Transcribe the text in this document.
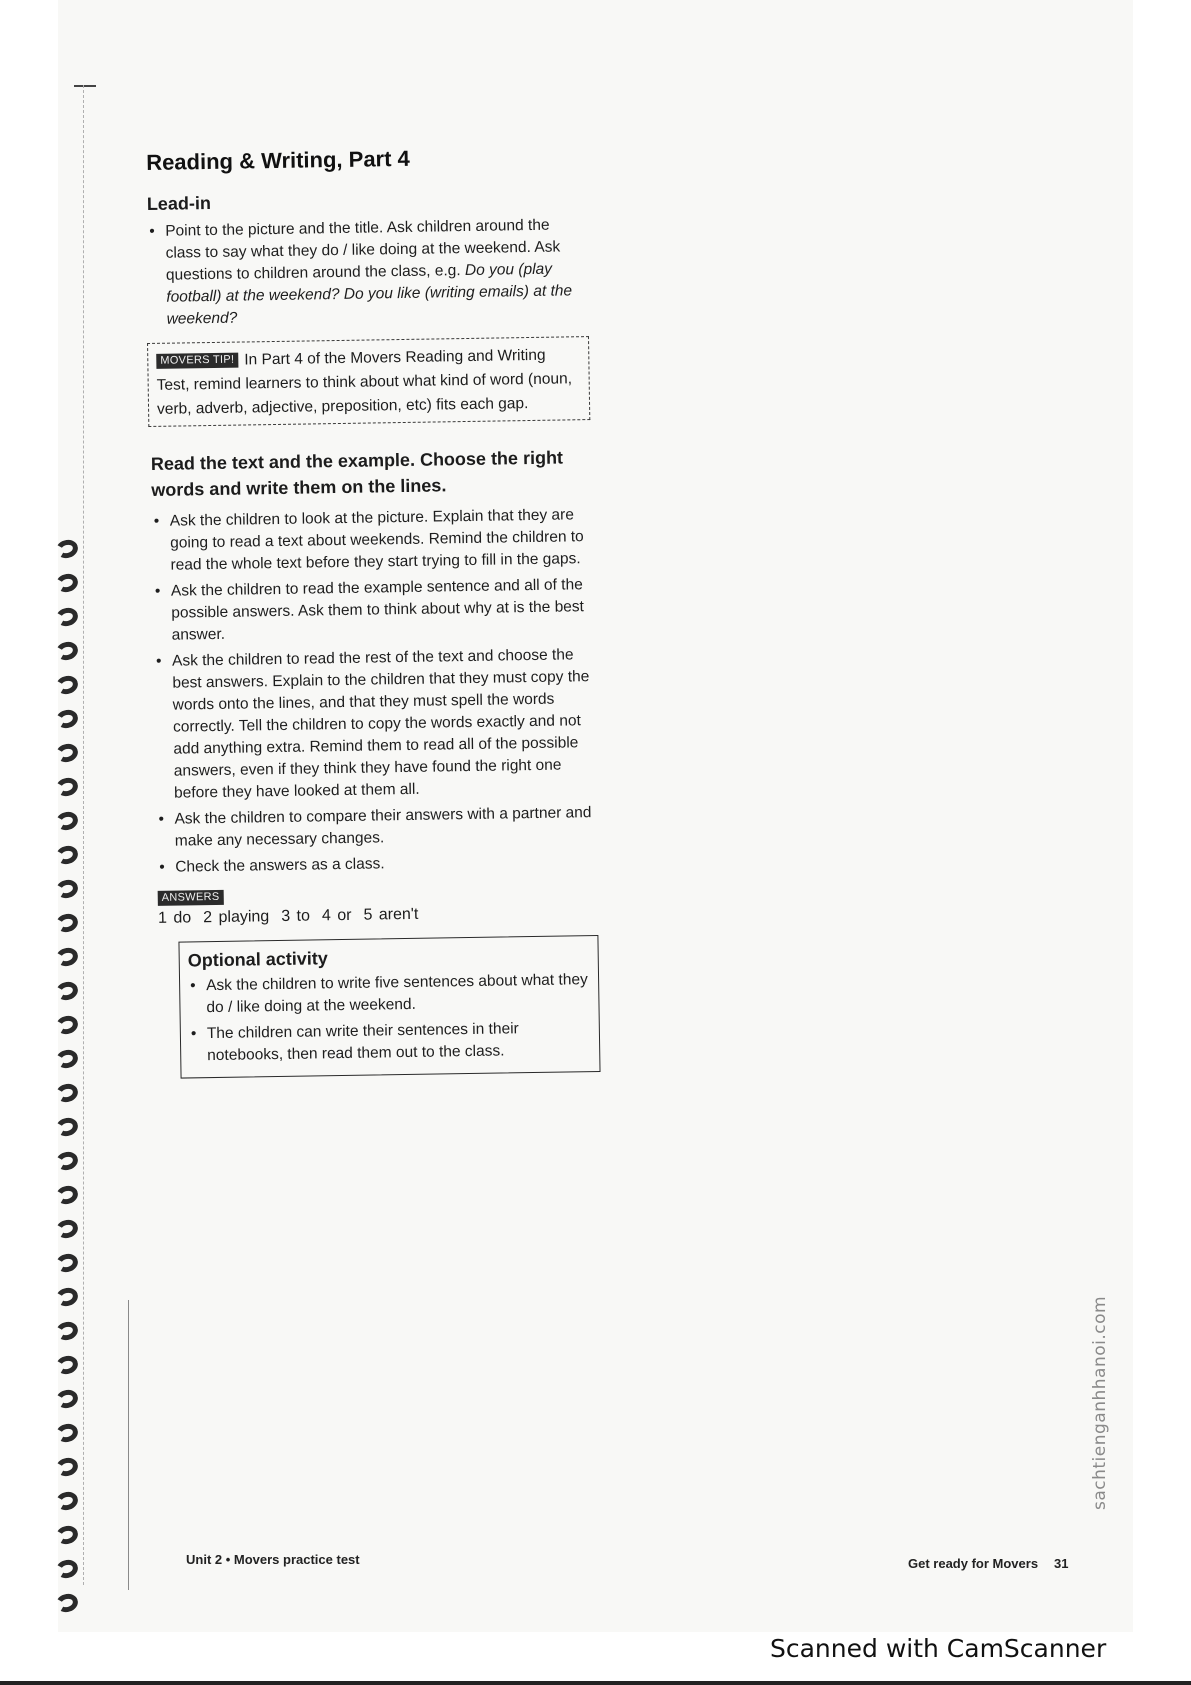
Reading & Writing, Part 4
Lead-in
• Point to the picture and the title. Ask children around the class to say what they do / like doing at the weekend. Ask questions to children around the class, e.g. Do you (play football) at the weekend? Do you like (writing emails) at the weekend?
MOVERS TIP! In Part 4 of the Movers Reading and Writing Test, remind learners to think about what kind of word (noun, verb, adverb, adjective, preposition, etc) fits each gap.
Read the text and the example. Choose the right words and write them on the lines.
• Ask the children to look at the picture. Explain that they are going to read a text about weekends. Remind the children to read the whole text before they start trying to fill in the gaps.
• Ask the children to read the example sentence and all of the possible answers. Ask them to think about why at is the best answer.
• Ask the children to read the rest of the text and choose the best answers. Explain to the children that they must copy the words onto the lines, and that they must spell the words correctly. Tell the children to copy the words exactly and not add anything extra. Remind them to read all of the possible answers, even if they think they have found the right one before they have looked at them all.
• Ask the children to compare their answers with a partner and make any necessary changes.
• Check the answers as a class.
ANSWERS
1 do 2 playing 3 to 4 or 5 aren't
Optional activity
• Ask the children to write five sentences about what they do / like doing at the weekend.
• The children can write their sentences in their notebooks, then read them out to the class.
Unit 2 • Movers practice test	Get ready for Movers 31
sachtienganhhanoi.com
Scanned with CamScanner
